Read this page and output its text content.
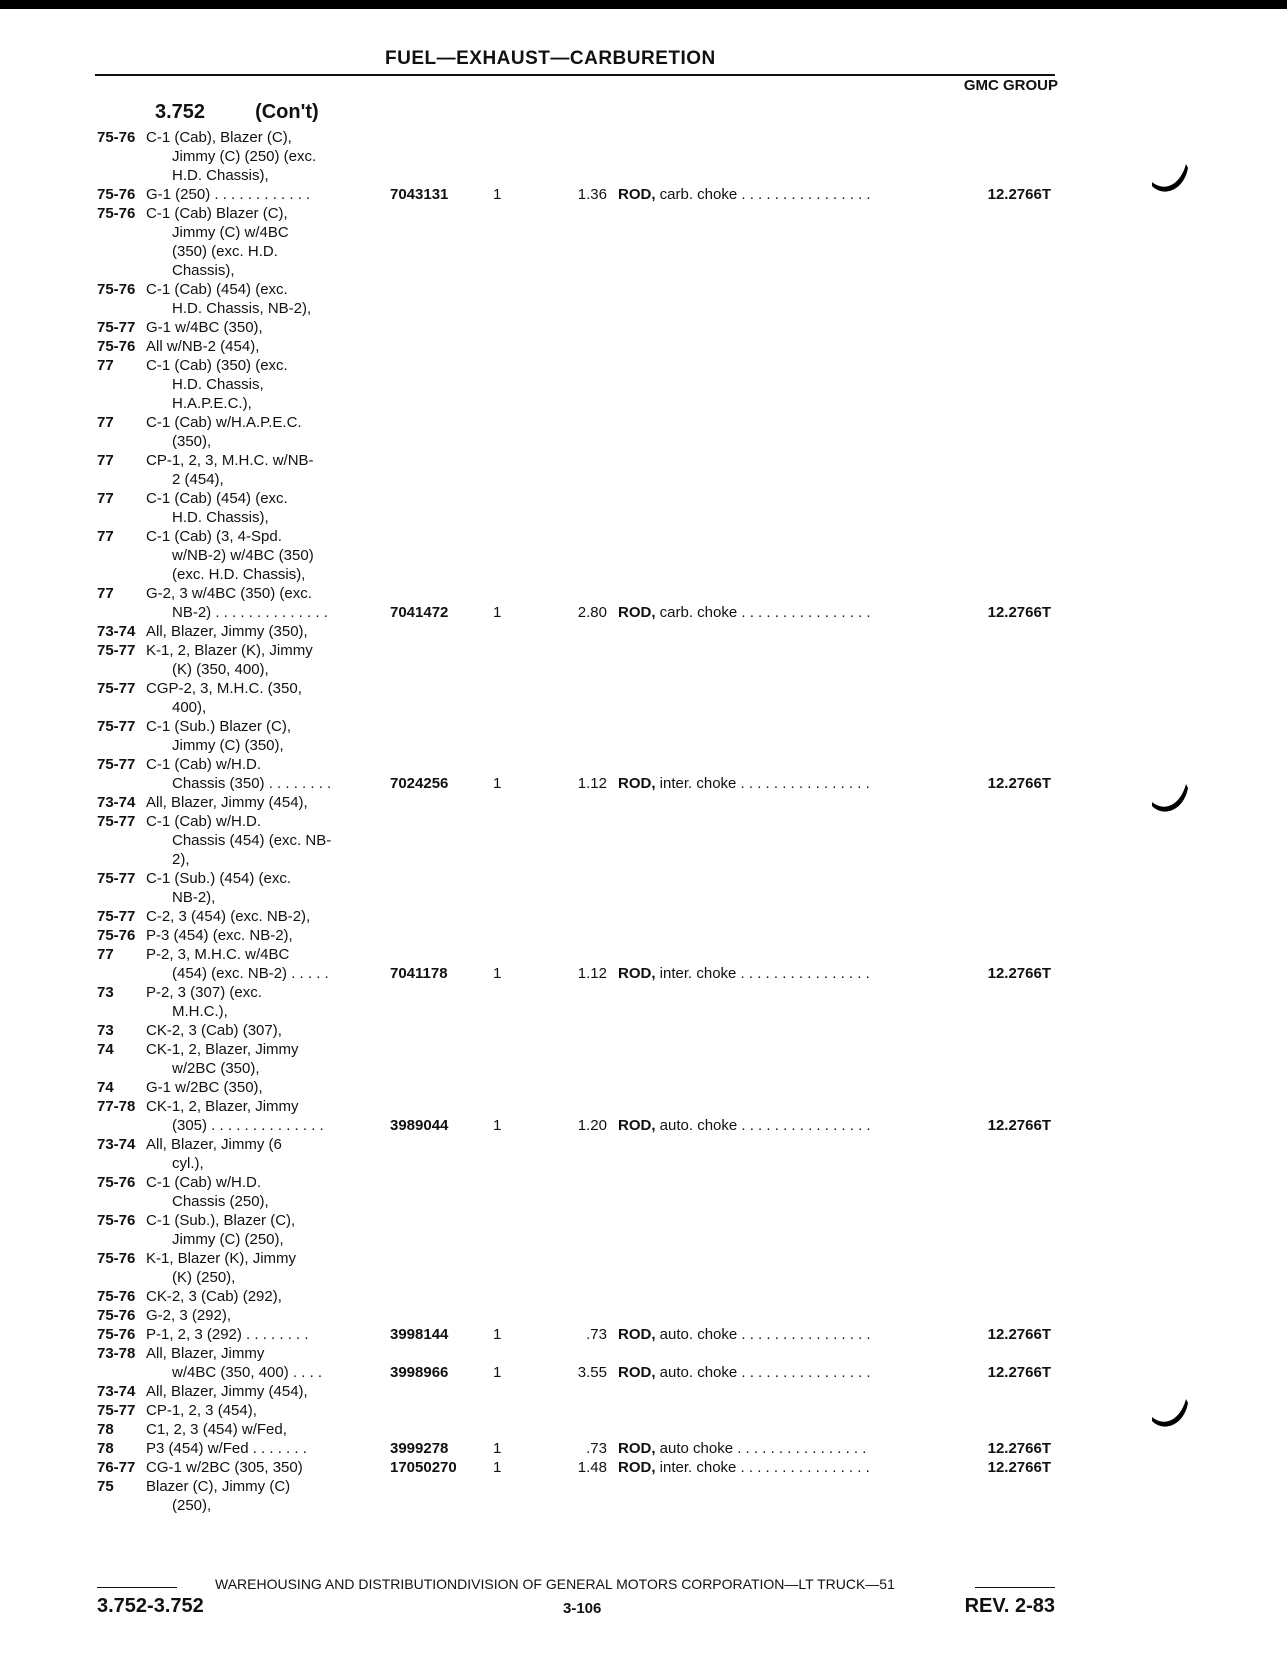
FUEL—EXHAUST—CARBURETION
GMC GROUP
3.752	(Con't)
75-76 C-1 (Cab), Blazer (C),
Jimmy (C) (250) (exc.
H.D. Chassis),
75-76 G-1 (250) . . . . . . . . . . . .	7043131	1	1.36 ROD, carb. choke . . . . . . . . . . . . . . . .	12.2766T
75-76 C-1 (Cab) Blazer (C),
Jimmy (C) w/4BC
(350) (exc. H.D.
Chassis),
75-76 C-1 (Cab) (454) (exc.
H.D. Chassis, NB-2),
75-77 G-1 w/4BC (350),
75-76 All w/NB-2 (454),
77 C-1 (Cab) (350) (exc.
H.D. Chassis,
H.A.P.E.C.),
77 C-1 (Cab) w/H.A.P.E.C.
(350),
77 CP-1, 2, 3, M.H.C. w/NB-
2 (454),
77 C-1 (Cab) (454) (exc.
H.D. Chassis),
77 C-1 (Cab) (3, 4-Spd.
w/NB-2) w/4BC (350)
(exc. H.D. Chassis),
77 G-2, 3 w/4BC (350) (exc.
NB-2) . . . . . . . . . . . . . .	7041472	1	2.80 ROD, carb. choke . . . . . . . . . . . . . . . .	12.2766T
73-74 All, Blazer, Jimmy (350),
75-77 K-1, 2, Blazer (K), Jimmy
(K) (350, 400),
75-77 CGP-2, 3, M.H.C. (350,
400),
75-77 C-1 (Sub.) Blazer (C),
Jimmy (C) (350),
75-77 C-1 (Cab) w/H.D.
Chassis (350) . . . . . . . .	7024256	1	1.12 ROD, inter. choke . . . . . . . . . . . . . . . .	12.2766T
73-74 All, Blazer, Jimmy (454),
75-77 C-1 (Cab) w/H.D.
Chassis (454) (exc. NB-
2),
75-77 C-1 (Sub.) (454) (exc.
NB-2),
75-77 C-2, 3 (454) (exc. NB-2),
75-76 P-3 (454) (exc. NB-2),
77 P-2, 3, M.H.C. w/4BC
(454) (exc. NB-2) . . . . .	7041178	1	1.12 ROD, inter. choke . . . . . . . . . . . . . . . .	12.2766T
73 P-2, 3 (307) (exc.
M.H.C.),
73 CK-2, 3 (Cab) (307),
74 CK-1, 2, Blazer, Jimmy
w/2BC (350),
74 G-1 w/2BC (350),
77-78 CK-1, 2, Blazer, Jimmy
(305) . . . . . . . . . . . . . .	3989044	1	1.20 ROD, auto. choke . . . . . . . . . . . . . . . .	12.2766T
73-74 All, Blazer, Jimmy (6
cyl.),
75-76 C-1 (Cab) w/H.D.
Chassis (250),
75-76 C-1 (Sub.), Blazer (C),
Jimmy (C) (250),
75-76 K-1, Blazer (K), Jimmy
(K) (250),
75-76 CK-2, 3 (Cab) (292),
75-76 G-2, 3 (292),
75-76 P-1, 2, 3 (292) . . . . . . . .	3998144	1	.73 ROD, auto. choke . . . . . . . . . . . . . . . .	12.2766T
73-78 All, Blazer, Jimmy
w/4BC (350, 400) . . . .	3998966	1	3.55 ROD, auto. choke . . . . . . . . . . . . . . . .	12.2766T
73-74 All, Blazer, Jimmy (454),
75-77 CP-1, 2, 3 (454),
78 C1, 2, 3 (454) w/Fed,
78 P3 (454) w/Fed . . . . . . .	3999278	1	.73 ROD, auto choke . . . . . . . . . . . . . . . .	12.2766T
76-77 CG-1 w/2BC (305, 350)	17050270 1	1.48 ROD, inter. choke . . . . . . . . . . . . . . . .	12.2766T
75 Blazer (C), Jimmy (C)
(250),
WAREHOUSING AND DISTRIBUTIONDIVISION OF GENERAL MOTORS CORPORATION—LT TRUCK—51
3.752-3.752	3-106	REV. 2-83
